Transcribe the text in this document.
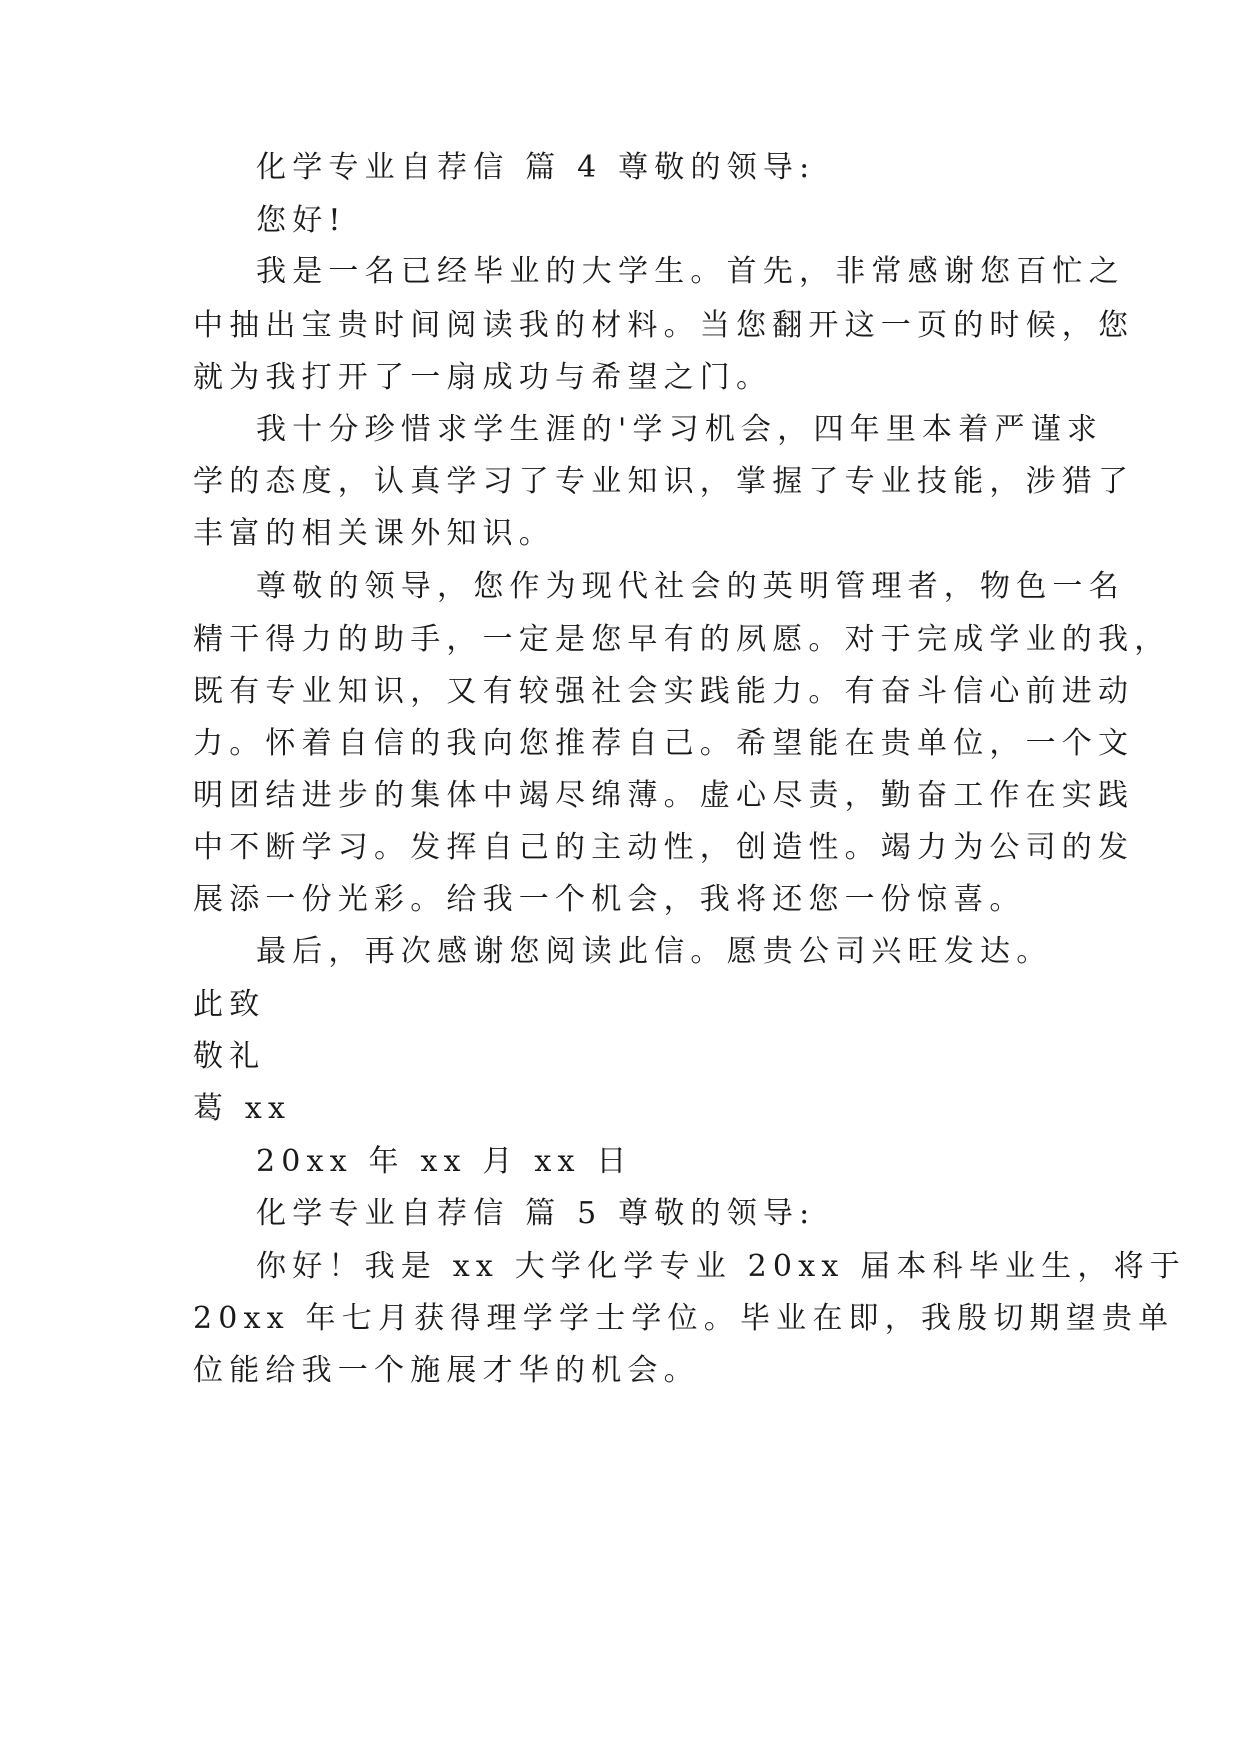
化学专业自荐信 篇 4 尊敬的领导:
您好!
我是一名已经毕业的大学生。首先，非常感谢您百忙之
中抽出宝贵时间阅读我的材料。当您翻开这一页的时候，您
就为我打开了一扇成功与希望之门。
我十分珍惜求学生涯的'学习机会，四年里本着严谨求
学的态度，认真学习了专业知识，掌握了专业技能，涉猎了
丰富的相关课外知识。
尊敬的领导，您作为现代社会的英明管理者，物色一名
精干得力的助手，一定是您早有的夙愿。对于完成学业的我，
既有专业知识，又有较强社会实践能力。有奋斗信心前进动
力。怀着自信的我向您推荐自己。希望能在贵单位，一个文
明团结进步的集体中竭尽绵薄。虚心尽责，勤奋工作在实践
中不断学习。发挥自己的主动性，创造性。竭力为公司的发
展添一份光彩。给我一个机会，我将还您一份惊喜。
最后，再次感谢您阅读此信。愿贵公司兴旺发达。
此致
敬礼
葛 xx
20xx 年 xx 月 xx 日
化学专业自荐信 篇 5 尊敬的领导:
你好！我是 xx 大学化学专业 20xx 届本科毕业生，将于
20xx 年七月获得理学学士学位。毕业在即，我殷切期望贵单
位能给我一个施展才华的机会。
